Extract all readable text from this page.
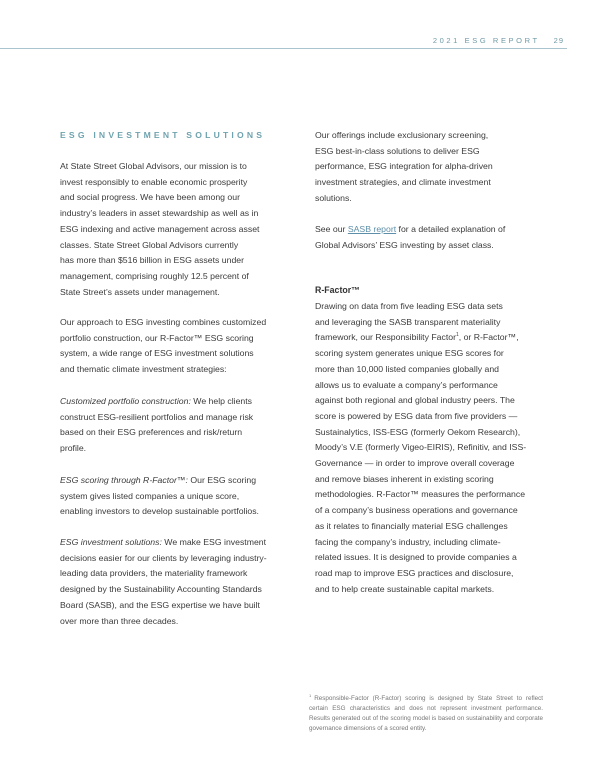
2021 ESG REPORT 29
ESG INVESTMENT SOLUTIONS
At State Street Global Advisors, our mission is to
invest responsibly to enable economic prosperity
and social progress. We have been among our
industry’s leaders in asset stewardship as well as in
ESG indexing and active management across asset
classes. State Street Global Advisors currently
has more than $516 billion in ESG assets under
management, comprising roughly 12.5 percent of
State Street’s assets under management.
Our approach to ESG investing combines customized
portfolio construction, our R-Factor™ ESG scoring
system, a wide range of ESG investment solutions
and thematic climate investment strategies:
Customized portfolio construction: We help clients
construct ESG-resilient portfolios and manage risk
based on their ESG preferences and risk/return
profile.
ESG scoring through R-Factor™: Our ESG scoring
system gives listed companies a unique score,
enabling investors to develop sustainable portfolios.
ESG investment solutions: We make ESG investment
decisions easier for our clients by leveraging industry-
leading data providers, the materiality framework
designed by the Sustainability Accounting Standards
Board (SASB), and the ESG expertise we have built
over more than three decades.
Our offerings include exclusionary screening,
ESG best-in-class solutions to deliver ESG
performance, ESG integration for alpha-driven
investment strategies, and climate investment
solutions.
See our SASB report for a detailed explanation of
Global Advisors’ ESG investing by asset class.
R-Factor™
Drawing on data from five leading ESG data sets
and leveraging the SASB transparent materiality
framework, our Responsibility Factor$^1$, or R-Factor™,
scoring system generates unique ESG scores for
more than 10,000 listed companies globally and
allows us to evaluate a company’s performance
against both regional and global industry peers. The
score is powered by ESG data from five providers —
Sustainalytics, ISS-ESG (formerly Oekom Research),
Moody’s V.E (formerly Vigeo-EIRIS), Refinitiv, and ISS-
Governance — in order to improve overall coverage
and remove biases inherent in existing scoring
methodologies. R-Factor™ measures the performance
of a company’s business operations and governance
as it relates to financially material ESG challenges
facing the company’s industry, including climate-
related issues. It is designed to provide companies a
road map to improve ESG practices and disclosure,
and to help create sustainable capital markets.
$^1$ Responsible-Factor (R-Factor) scoring is designed by State Street to reflect certain ESG characteristics and does not represent investment performance. Results generated out of the scoring model is based on sustainability and corporate governance dimensions of a scored entity.
